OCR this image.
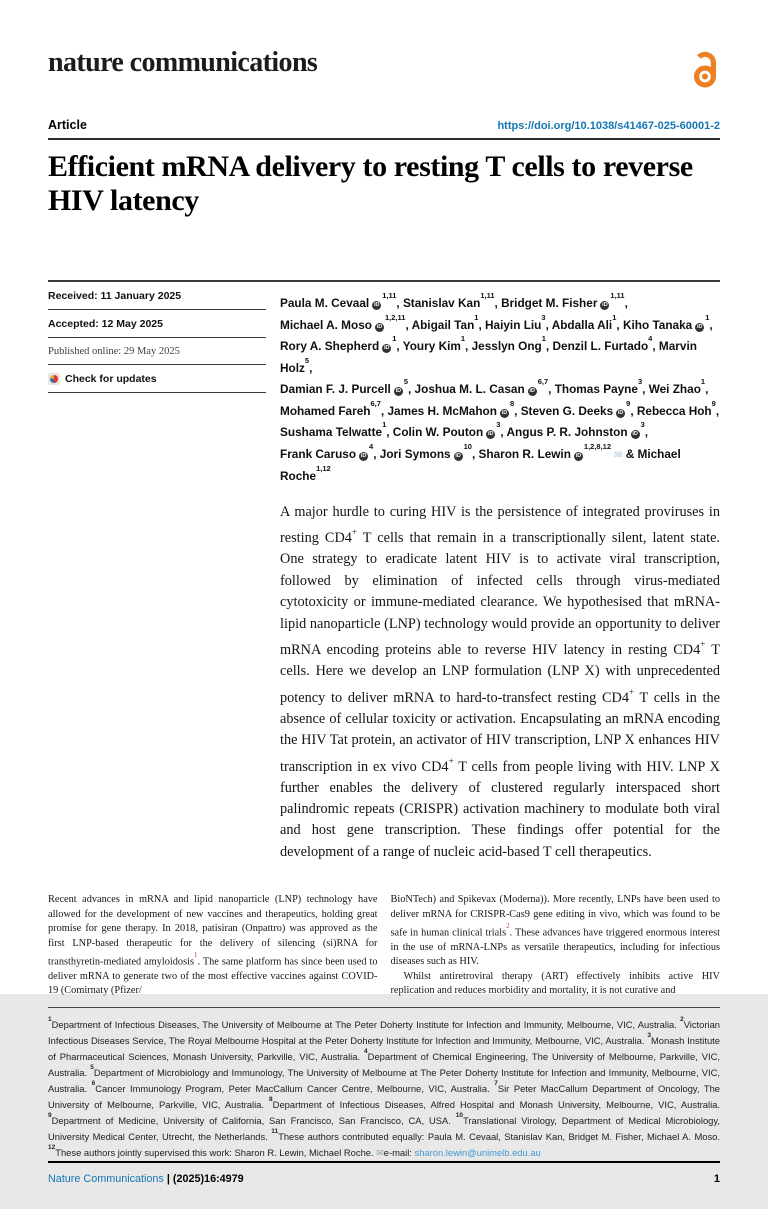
nature communications
Article	https://doi.org/10.1038/s41467-025-60001-2
Efficient mRNA delivery to resting T cells to reverse HIV latency
Received: 11 January 2025
Accepted: 12 May 2025
Published online: 29 May 2025
Check for updates
Paula M. Cevaal iD$^{1,11}$, Stanislav Kan$^{1,11}$, Bridget M. Fisher iD$^{1,11}$,
Michael A. Moso iD$^{1,2,11}$, Abigail Tan$^1$, Haiyin Liu$^3$, Abdalla Ali$^1$, Kiho Tanaka $iD^1$,
Rory A. Shepherd $iD^1$, Youry Kim$^1$, Jesslyn Ong$^1$, Denzil L. Furtado$^4$, Marvin Holz$^5$,
Damian F. J. Purcell $iD^5$, Joshua M. L. Casan iD$^{6,7}$, Thomas Payne$^3$, Wei Zhao$^1$,
Mohamed Fareh$^{6,7}$, James H. McMahon $iD^8$, Steven G. Deeks $iD^9$, Rebecca Hoh$^9$,
Sushama Telwatte$^1$, Colin W. Pouton $iD^3$, Angus P. R. Johnston $iD^3$,
Frank Caruso $iD^4$, Jori Symons $iD^{10}$, Sharon R. Lewin iD$^{1,2,8,12}$✉ & Michael Roche$^{1,12}$
A major hurdle to curing HIV is the persistence of integrated proviruses in resting CD4+ T cells that remain in a transcriptionally silent, latent state. One strategy to eradicate latent HIV is to activate viral transcription, followed by elimination of infected cells through virus-mediated cytotoxicity or immune-mediated clearance. We hypothesised that mRNA-lipid nanoparticle (LNP) technology would provide an opportunity to deliver mRNA encoding proteins able to reverse HIV latency in resting CD4+ T cells. Here we develop an LNP formulation (LNP X) with unprecedented potency to deliver mRNA to hard-to-transfect resting CD4+ T cells in the absence of cellular toxicity or activation. Encapsulating an mRNA encoding the HIV Tat protein, an activator of HIV transcription, LNP X enhances HIV transcription in ex vivo CD4+ T cells from people living with HIV. LNP X further enables the delivery of clustered regularly interspaced short palindromic repeats (CRISPR) activation machinery to modulate both viral and host gene transcription. These findings offer potential for the development of a range of nucleic acid-based T cell therapeutics.

Recent advances in mRNA and lipid nanoparticle (LNP) technology have allowed for the development of new vaccines and therapeutics, holding great promise for gene therapy. In 2018, patisiran (Onpattro) was approved as the first LNP-based therapeutic for the delivery of silencing (si)RNA for transthyretin-mediated amyloidosis$^1$. The same platform has since been used to deliver mRNA to generate two of the most effective vaccines against COVID-19 (Comirnaty (Pfizer/

BioNTech) and Spikevax (Moderna)). More recently, LNPs have been used to deliver mRNA for CRISPR-Cas9 gene editing in vivo, which was found to be safe in human clinical trials$^2$. These advances have triggered enormous interest in the use of mRNA-LNPs as versatile therapeutics, including for infectious diseases such as HIV.

Whilst antiretroviral therapy (ART) effectively inhibits active HIV replication and reduces morbidity and mortality, it is not curative and

$^1$Department of Infectious Diseases, The University of Melbourne at The Peter Doherty Institute for Infection and Immunity, Melbourne, VIC, Australia. $^2$Victorian Infectious Diseases Service, The Royal Melbourne Hospital at the Peter Doherty Institute for Infection and Immunity, Melbourne, VIC, Australia. $^3$Monash Institute of Pharmaceutical Sciences, Monash University, Parkville, VIC, Australia. $^4$Department of Chemical Engineering, The University of Melbourne, Parkville, VIC, Australia. $^5$Department of Microbiology and Immunology, The University of Melbourne at The Peter Doherty Institute for Infection and Immunity, Melbourne, VIC, Australia. $^6$Cancer Immunology Program, Peter MacCallum Cancer Centre, Melbourne, VIC, Australia. $^7$Sir Peter MacCallum Department of Oncology, The University of Melbourne, Parkville, VIC, Australia. $^8$Department of Infectious Diseases, Alfred Hospital and Monash University, Melbourne, VIC, Australia. $^9$Department of Medicine, University of California, San Francisco, San Francisco, CA, USA. $^{10}$Translational Virology, Department of Medical Microbiology, University Medical Center, Utrecht, the Netherlands. $^{11}$These authors contributed equally: Paula M. Cevaal, Stanislav Kan, Bridget M. Fisher, Michael A. Moso. $^{12}$These authors jointly supervised this work: Sharon R. Lewin, Michael Roche. ✉e-mail: sharon.lewin@unimelb.edu.au
Nature Communications | (2025)16:4979	1
